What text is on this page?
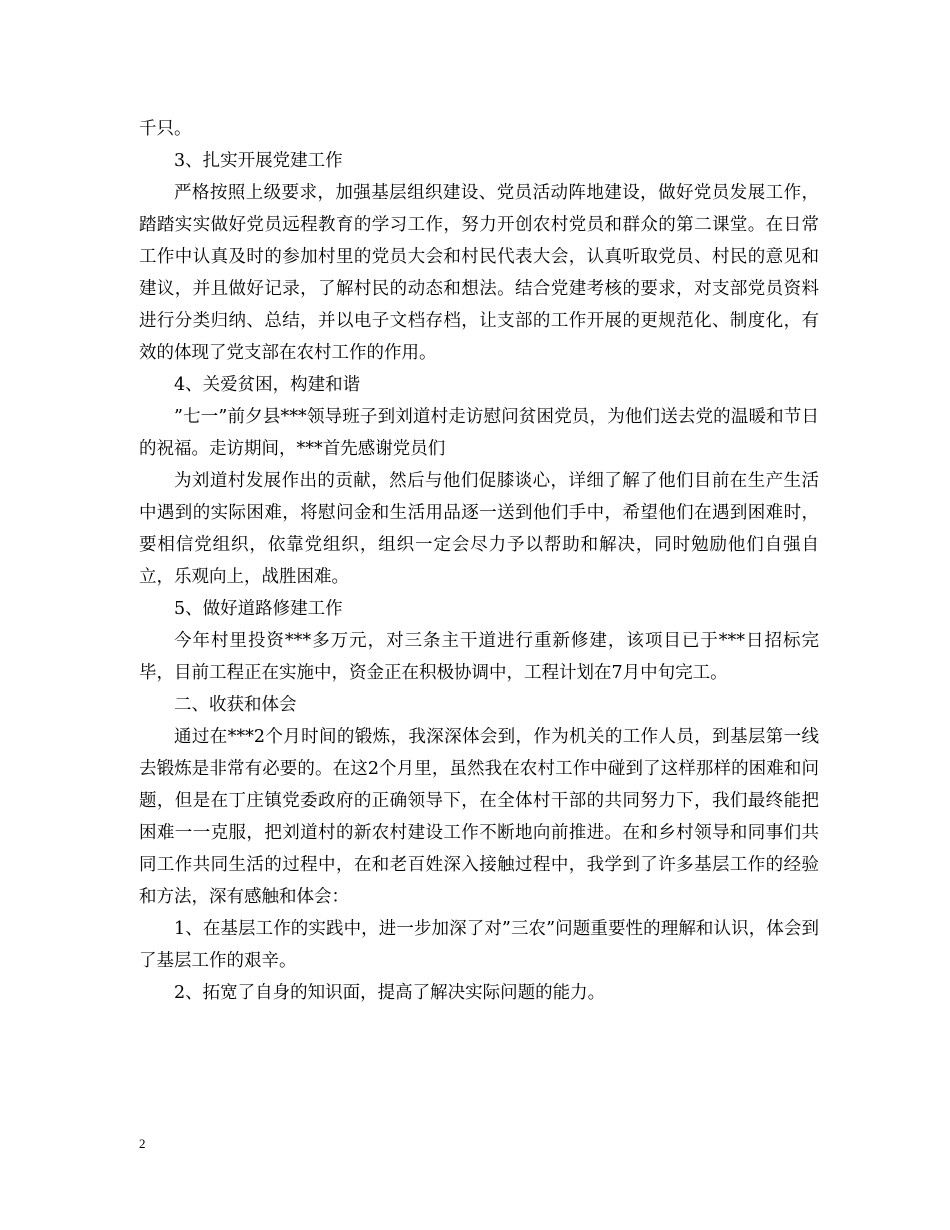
千只。

3、扎实开展党建工作

严格按照上级要求，加强基层组织建设、党员活动阵地建设，做好党员发展工作，踏踏实实做好党员远程教育的学习工作，努力开创农村党员和群众的第二课堂。在日常工作中认真及时的参加村里的党员大会和村民代表大会，认真听取党员、村民的意见和建议，并且做好记录，了解村民的动态和想法。结合党建考核的要求，对支部党员资料进行分类归纳、总结，并以电子文档存档，让支部的工作开展的更规范化、制度化，有效的体现了党支部在农村工作的作用。

4、关爱贫困，构建和谐

”七一”前夕县***领导班子到刘道村走访慰问贫困党员，为他们送去党的温暖和节日的祝福。走访期间，***首先感谢党员们

为刘道村发展作出的贡献，然后与他们促膝谈心，详细了解了他们目前在生产生活中遇到的实际困难，将慰问金和生活用品逐一送到他们手中，希望他们在遇到困难时，要相信党组织，依靠党组织，组织一定会尽力予以帮助和解决，同时勉励他们自强自立，乐观向上，战胜困难。

5、做好道路修建工作

今年村里投资***多万元，对三条主干道进行重新修建，该项目已于***日招标完毕，目前工程正在实施中，资金正在积极协调中，工程计划在7月中旬完工。

二、收获和体会

通过在***2个月时间的锻炼，我深深体会到，作为机关的工作人员，到基层第一线去锻炼是非常有必要的。在这2个月里，虽然我在农村工作中碰到了这样那样的困难和问题，但是在丁庄镇党委政府的正确领导下，在全体村干部的共同努力下，我们最终能把困难一一克服，把刘道村的新农村建设工作不断地向前推进。在和乡村领导和同事们共同工作共同生活的过程中，在和老百姓深入接触过程中，我学到了许多基层工作的经验和方法，深有感触和体会：

1、在基层工作的实践中，进一步加深了对”三农”问题重要性的理解和认识，体会到了基层工作的艰辛。

2、拓宽了自身的知识面，提高了解决实际问题的能力。

2
